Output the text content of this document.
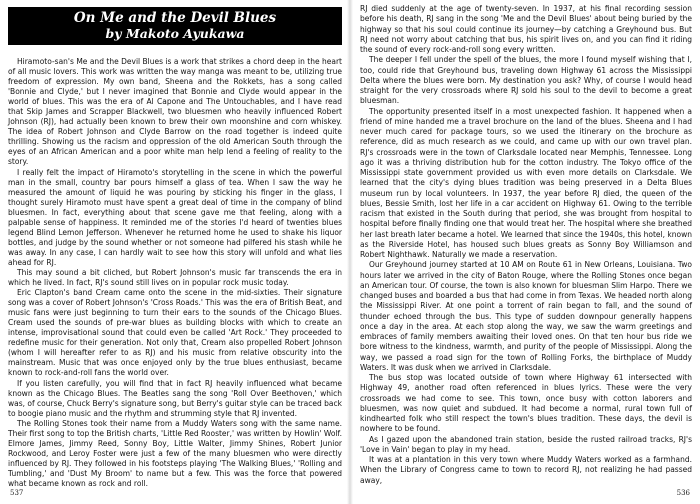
On Me and the Devil Blues
by Makoto Ayukawa

Hiramoto-san's Me and the Devil Blues is a work that strikes a chord deep in the heart of all music lovers. This work was written the way manga was meant to be, utilizing true freedom of expression. My own band, Sheena and the Rokkets, has a song called 'Bonnie and Clyde,' but I never imagined that Bonnie and Clyde would appear in the world of blues. This was the era of Al Capone and The Untouchables, and I have read that Skip James and Scrapper Blackwell, two bluesmen who heavily influenced Robert Johnson (RJ), had actually been known to brew their own moonshine and corn whiskey. The idea of Robert Johnson and Clyde Barrow on the road together is indeed quite thrilling. Showing us the racism and oppression of the old American South through the eyes of an African American and a poor white man help lend a feeling of reality to the story.

I really felt the impact of Hiramoto's storytelling in the scene in which the powerful man in the small, country bar pours himself a glass of tea. When I saw the way he measured the amount of liquid he was pouring by sticking his finger in the glass, I thought surely Hiramoto must have spent a great deal of time in the company of blind bluesmen. In fact, everything about that scene gave me that feeling, along with a palpable sense of happiness. It reminded me of the stories I'd heard of twenties blues legend Blind Lemon Jefferson. Whenever he returned home he used to shake his liquor bottles, and judge by the sound whether or not someone had pilfered his stash while he was away. In any case, I can hardly wait to see how this story will unfold and what lies ahead for RJ.

This may sound a bit cliched, but Robert Johnson's music far transcends the era in which he lived. In fact, RJ's sound still lives on in popular rock music today.

Eric Clapton's band Cream came onto the scene in the mid-sixties. Their signature song was a cover of Robert Johnson's 'Cross Roads.' This was the era of British Beat, and music fans were just beginning to turn their ears to the sounds of the Chicago Blues. Cream used the sounds of pre-war blues as building blocks with which to create an intense, improvisational sound that could even be called 'Art Rock.' They proceeded to redefine music for their generation. Not only that, Cream also propelled Robert Johnson (whom I will hereafter refer to as RJ) and his music from relative obscurity into the mainstream. Music that was once enjoyed only by the true blues enthusiast, became known to rock-and-roll fans the world over.

If you listen carefully, you will find that in fact RJ heavily influenced what became known as the Chicago Blues. The Beatles sang the song 'Roll Over Beethoven,' which was, of course, Chuck Berry's signature song, but Berry's guitar style can be traced back to boogie piano music and the rhythm and strumming style that RJ invented.

The Rolling Stones took their name from a Muddy Waters song with the same name. Their first song to top the British charts, 'Little Red Rooster,' was written by Howlin' Wolf. Elmore James, Jimmy Reed, Sonny Boy, Little Walter, Jimmy Shines, Robert Junior Rockwood, and Leroy Foster were just a few of the many bluesmen who were directly influenced by RJ. They followed in his footsteps playing 'The Walking Blues,' 'Rolling and Tumbling,' and 'Dust My Broom' to name but a few. This was the force that powered what became known as rock and roll.

537

RJ died suddenly at the age of twenty-seven. In 1937, at his final recording session before his death, RJ sang in the song 'Me and the Devil Blues' about being buried by the highway so that his soul could continue its journey—by catching a Greyhound bus. But RJ need not worry about catching that bus, his spirit lives on, and you can find it riding the sound of every rock-and-roll song every written.

The deeper I fell under the spell of the blues, the more I found myself wishing that I, too, could ride that Greyhound bus, traveling down Highway 61 across the Mississippi Delta where the blues were born. My destination you ask? Why, of course I would head straight for the very crossroads where RJ sold his soul to the devil to become a great bluesman.

The opportunity presented itself in a most unexpected fashion. It happened when a friend of mine handed me a travel brochure on the land of the blues. Sheena and I had never much cared for package tours, so we used the itinerary on the brochure as reference, did as much research as we could, and came up with our own travel plan. RJ's crossroads were in the town of Clarksdale located near Memphis, Tennessee. Long ago it was a thriving distribution hub for the cotton industry. The Tokyo office of the Mississippi state government provided us with even more details on Clarksdale. We learned that the city's dying blues tradition was being preserved in a Delta Blues museum run by local volunteers. In 1937, the year before RJ died, the queen of the blues, Bessie Smith, lost her life in a car accident on Highway 61. Owing to the terrible racism that existed in the South during that period, she was brought from hospital to hospital before finally finding one that would treat her. The hospital where she breathed her last breath later became a hotel. We learned that since the 1940s, this hotel, known as the Riverside Hotel, has housed such blues greats as Sonny Boy Williamson and Robert Nighthawk. Naturally we made a reservation.

Our Greyhound journey started at 10 AM on Route 61 in New Orleans, Louisiana. Two hours later we arrived in the city of Baton Rouge, where the Rolling Stones once began an American tour. Of course, the town is also known for bluesman Slim Harpo. There we changed buses and boarded a bus that had come in from Texas. We headed north along the Mississippi River. At one point a torrent of rain began to fall, and the sound of thunder echoed through the bus. This type of sudden downpour generally happens once a day in the area. At each stop along the way, we saw the warm greetings and embraces of family members awaiting their loved ones. On that ten hour bus ride we bore witness to the kindness, warmth, and purity of the people of Mississippi. Along the way, we passed a road sign for the town of Rolling Forks, the birthplace of Muddy Waters. It was dusk when we arrived in Clarksdale.

The bus stop was located outside of town where Highway 61 intersected with Highway 49, another road often referenced in blues lyrics. These were the very crossroads we had come to see. This town, once busy with cotton laborers and bluesmen, was now quiet and subdued. It had become a normal, rural town full of kindhearted folk who still respect the town's blues tradition. These days, the devil is nowhere to be found.

As I gazed upon the abandoned train station, beside the rusted railroad tracks, RJ's 'Love in Vain' began to play in my head.

It was at a plantation in this very town where Muddy Waters worked as a farmhand. When the Library of Congress came to town to record RJ, not realizing he had passed away,

536
